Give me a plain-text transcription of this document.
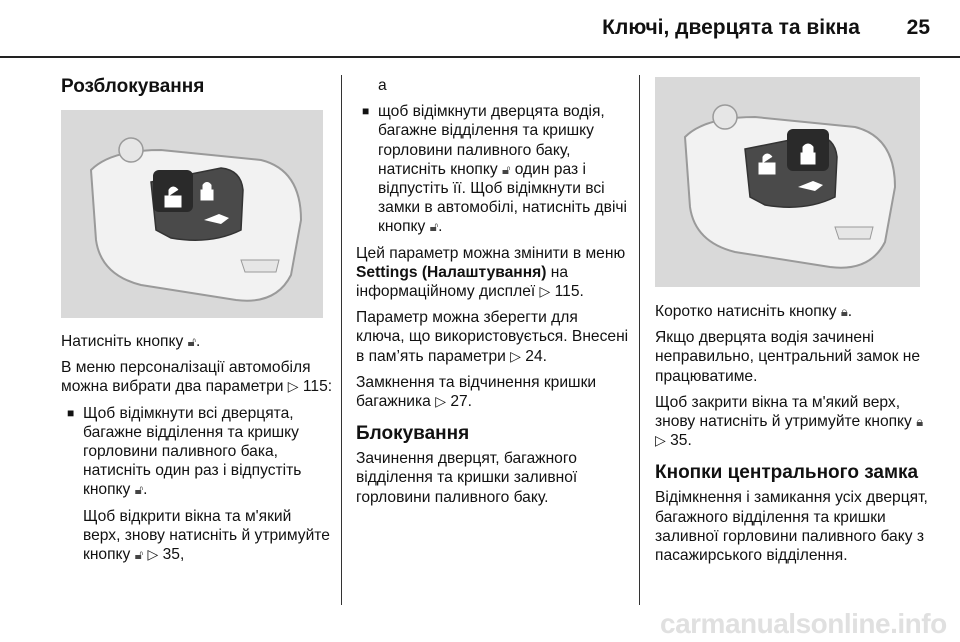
Ключі, дверцята та вікна	25
Розблокування

Натисніть кнопку 🔓︎.

В меню персоналізації автомобіля можна вибрати два параметри ▷ 115:

■ Щоб відімкнути всі дверцята, багажне відділення та кришку горловини паливного бака, натисніть один раз і відпустіть кнопку 🔓︎.

Щоб відкрити вікна та м'який верх, знову натисніть й утримуйте кнопку 🔓︎ ▷ 35,

а

■ щоб відімкнути дверцята водія, багажне відділення та кришку горловини паливного баку, натисніть кнопку 🔓︎ один раз і відпустіть її. Щоб відімкнути всі замки в автомобілі, натисніть двічі кнопку 🔓︎.

Цей параметр можна змінити в меню Settings (Налаштування) на інформаційному дисплеї ▷ 115.

Параметр можна зберегти для ключа, що використовується. Внесені в пам’ять параметри ▷ 24.

Замкнення та відчинення кришки багажника ▷ 27.

Блокування

Зачинення дверцят, багажного відділення та кришки заливної горловини паливного баку.

Коротко натисніть кнопку 🔒︎.

Якщо дверцята водія зачинені неправильно, центральний замок не працюватиме.

Щоб закрити вікна та м'який верх, знову натисніть й утримуйте кнопку 🔒︎ ▷ 35.

Кнопки центрального замка

Відімкнення і замикання усіх дверцят, багажного відділення та кришки заливної горловини паливного баку з пасажирського відділення.

carmanualsonline.info
